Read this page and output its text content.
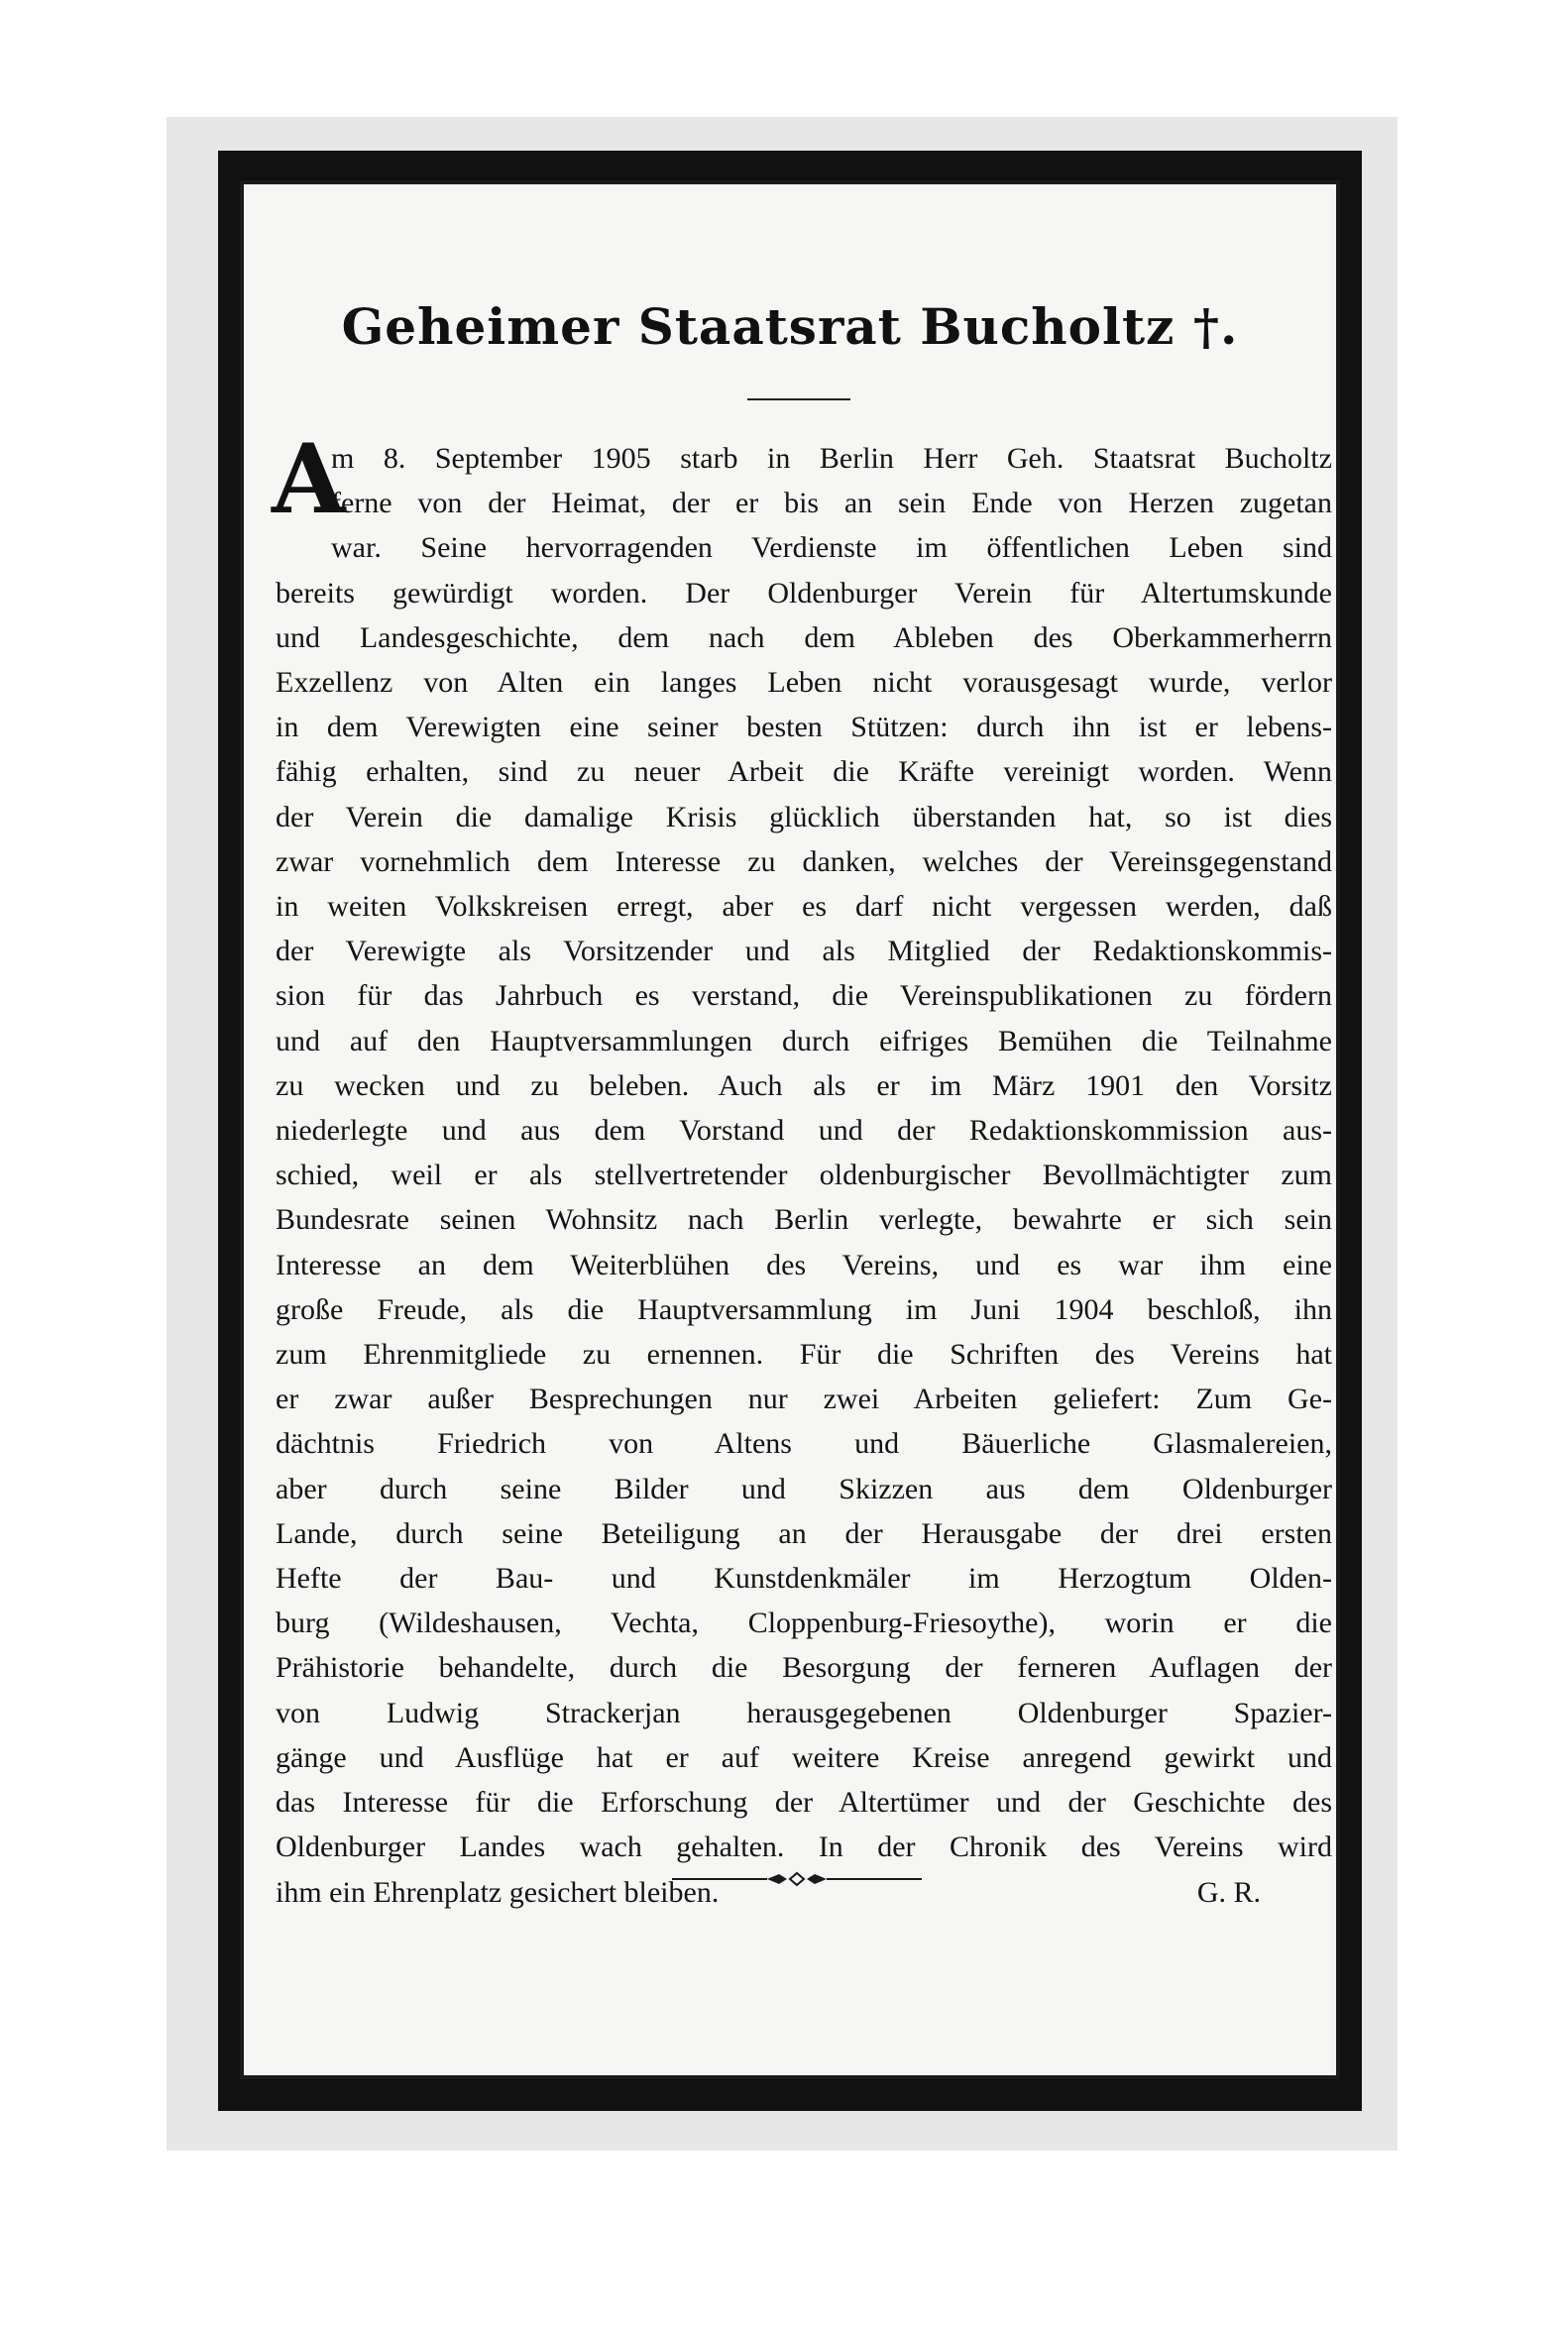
Geheimer Staatsrat Bucholtz †.
A
m 8. September 1905 starb in Berlin Herr Geh. Staatsrat Bucholtz
ferne von der Heimat, der er bis an sein Ende von Herzen zugetan
war. Seine hervorragenden Verdienste im öffentlichen Leben sind
bereits gewürdigt worden. Der Oldenburger Verein für Altertumskunde
und Landesgeschichte, dem nach dem Ableben des Oberkammerherrn
Exzellenz von Alten ein langes Leben nicht vorausgesagt wurde, verlor
in dem Verewigten eine seiner besten Stützen: durch ihn ist er lebens-
fähig erhalten, sind zu neuer Arbeit die Kräfte vereinigt worden. Wenn
der Verein die damalige Krisis glücklich überstanden hat, so ist dies
zwar vornehmlich dem Interesse zu danken, welches der Vereinsgegenstand
in weiten Volkskreisen erregt, aber es darf nicht vergessen werden, daß
der Verewigte als Vorsitzender und als Mitglied der Redaktionskommis-
sion für das Jahrbuch es verstand, die Vereinspublikationen zu fördern
und auf den Hauptversammlungen durch eifriges Bemühen die Teilnahme
zu wecken und zu beleben. Auch als er im März 1901 den Vorsitz
niederlegte und aus dem Vorstand und der Redaktionskommission aus-
schied, weil er als stellvertretender oldenburgischer Bevollmächtigter zum
Bundesrate seinen Wohnsitz nach Berlin verlegte, bewahrte er sich sein
Interesse an dem Weiterblühen des Vereins, und es war ihm eine
große Freude, als die Hauptversammlung im Juni 1904 beschloß, ihn
zum Ehrenmitgliede zu ernennen. Für die Schriften des Vereins hat
er zwar außer Besprechungen nur zwei Arbeiten geliefert: Zum Ge-
dächtnis Friedrich von Altens und Bäuerliche Glasmalereien,
aber durch seine Bilder und Skizzen aus dem Oldenburger
Lande, durch seine Beteiligung an der Herausgabe der drei ersten
Hefte der Bau- und Kunstdenkmäler im Herzogtum Olden-
burg (Wildeshausen, Vechta, Cloppenburg-Friesoythe), worin er die
Prähistorie behandelte, durch die Besorgung der ferneren Auflagen der
von Ludwig Strackerjan herausgegebenen Oldenburger Spazier-
gänge und Ausflüge hat er auf weitere Kreise anregend gewirkt und
das Interesse für die Erforschung der Altertümer und der Geschichte des
Oldenburger Landes wach gehalten. In der Chronik des Vereins wird
ihm ein Ehrenplatz gesichert bleiben.	G. R.
